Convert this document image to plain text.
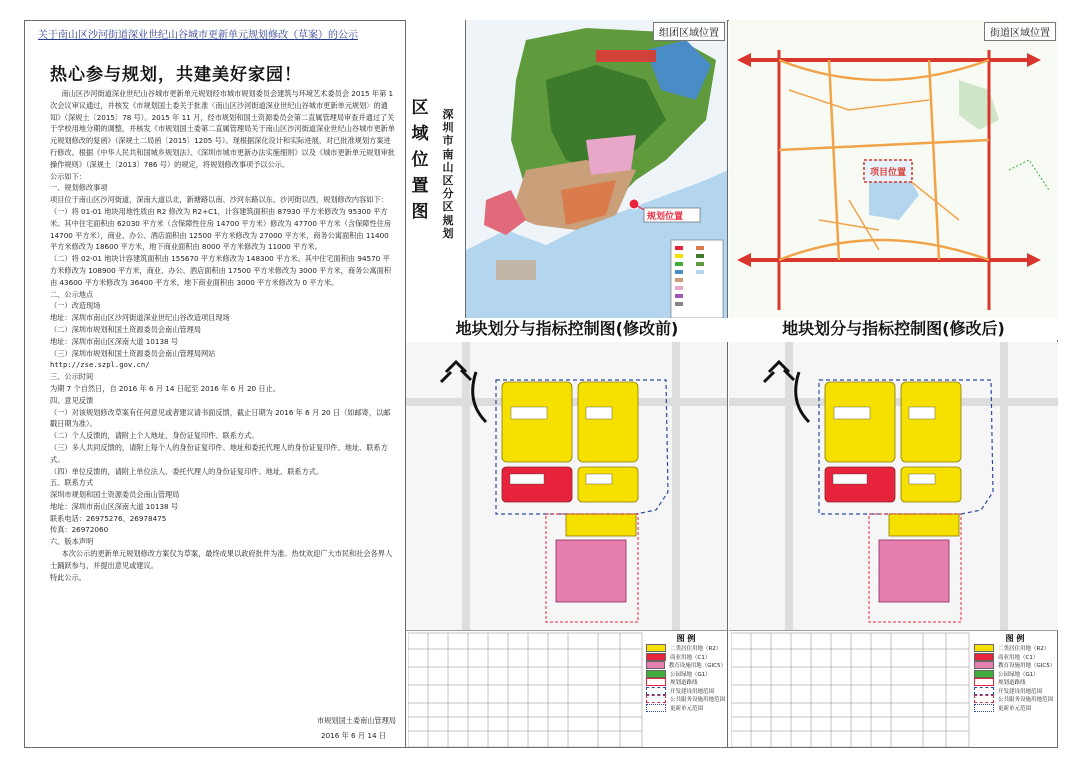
关于南山区沙河街道深业世纪山谷城市更新单元规划修改（草案）的公示
热心参与规划，共建美好家园！

南山区沙河街道深业世纪山谷城市更新单元规划经市城市规划委员会建筑与环境艺术委员会 2015 年第 1 次会议审议通过，并核发《市规划国土委关于批准〈南山区沙河街道深业世纪山谷城市更新单元规划〉的通知》（深规土〔2015〕78 号）。2015 年 11 月，经市规划和国土资源委员会第二直属管理局审查并通过了关于学校用地分期的调整，并核发《市规划国土委第二直属管理局关于南山区沙河街道深业世纪山谷城市更新单元规划修改的复函》（深规土二局函〔2015〕1205 号）。现根据深化设计和实际进展，对已批准规划方案进行修改。根据《中华人民共和国城乡规划法》、《深圳市城市更新办法实施细则》以及《城市更新单元规划审批操作规则》（深规土〔2013〕786 号）的规定，将规划修改事项予以公示。

公示如下：

一、规划修改事项

项目位于南山区沙河街道，深南大道以北，新塘路以南、沙河东路以东、沙河街以西，规划修改内容如下：

（一）将 01-01 地块用地性质由 R2 修改为 R2+C1，计容建筑面积由 87930 平方米修改为 95300 平方米。其中住宅面积由 62030 平方米（含保障性住房 14700 平方米）修改为 47700 平方米（含保障性住房 14700 平方米），商业、办公、酒店面积由 12500 平方米修改为 27000 平方米，商务公寓面积由 11400 平方米修改为 18600 平方米，地下商业面积由 8000 平方米修改为 11000 平方米。

（二）将 02-01 地块计容建筑面积由 155670 平方米修改为 148300 平方米。其中住宅面积由 94570 平方米修改为 108900 平方米，商业、办公、酒店面积由 17500 平方米修改为 3000 平方米，商务公寓面积由 43600 平方米修改为 36400 平方米，地下商业面积由 3000 平方米修改为 0 平方米。

二、公示地点

（一）改造现场

地址：深圳市南山区沙河街道深业世纪山谷改造项目现场

（二）深圳市规划和国土资源委员会南山管理局

地址：深圳市南山区深南大道 10138 号

（三）深圳市规划和国土资源委员会南山管理局网站

http://zse.szpl.gov.cn/

三、公示时间

为期 7 个自然日，自 2016 年 6 月 14 日起至 2016 年 6 月 20 日止。

四、意见反馈

（一）对该规划修改草案有任何意见或者建议请书面反馈，截止日期为 2016 年 6 月 20 日（如邮寄，以邮戳日期为准）。

（二）个人反馈的，请附上个人地址、身份证复印件、联系方式。

（三）多人共同反馈的，请附上每个人的身份证复印件、地址和委托代理人的身份证复印件、地址、联系方式。

（四）单位反馈的，请附上单位法人、委托代理人的身份证复印件、地址、联系方式。

五、联系方式

深圳市规划和国土资源委员会南山管理局

地址：深圳市南山区深南大道 10138 号

联系电话：26975276、26978475

传真：26972060

六、版本声明

本次公示的更新单元规划修改方案仅为草案，最终成果以政府批件为准。热忱欢迎广大市民和社会各界人士踊跃参与，并提出意见或建议。

特此公示。

市规划国土委南山管理局
2016 年 6 月 14 日
区域位置图
深圳市南山区分区规划
组团区域位置
规划位置
街道区域位置
项目位置
地块划分与指标控制图(修改前)	地块划分与指标控制图(修改后)
图 例
二类居住用地（R2）
商业用地（C1）
教育设施用地（GIC5）
公园绿地（G1）
规划道路线
开发建设用地范围
公共服务设施用地范围
更新单元范围
图 例
二类居住用地（R2）
商业用地（C1）
教育设施用地（GIC5）
公园绿地（G1）
规划道路线
开发建设用地范围
公共服务设施用地范围
更新单元范围
